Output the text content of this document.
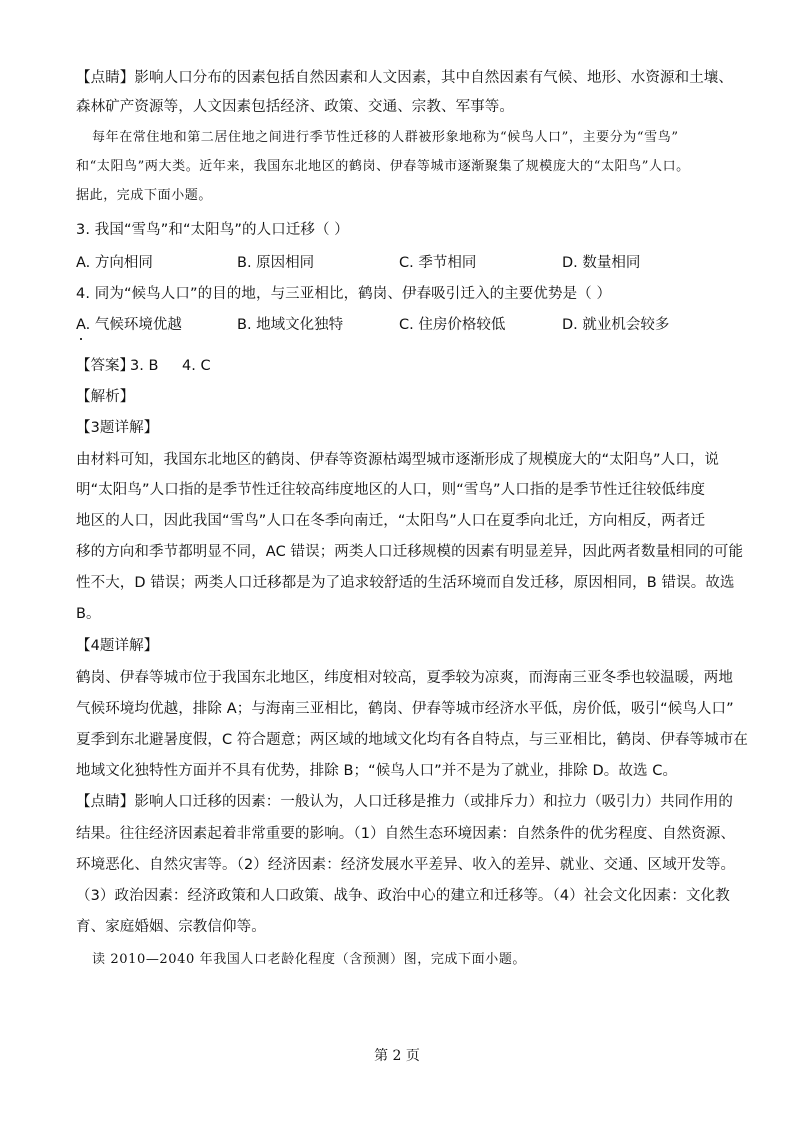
【点睛】影响人口分布的因素包括自然因素和人文因素，其中自然因素有气候、地形、水资源和土壤、
森林矿产资源等，人文因素包括经济、政策、交通、宗教、军事等。
每年在常住地和第二居住地之间进行季节性迁移的人群被形象地称为“候鸟人口”，主要分为“雪鸟”
和“太阳鸟”两大类。近年来，我国东北地区的鹤岗、伊春等城市逐渐聚集了规模庞大的“太阳鸟”人口。
据此，完成下面小题。
3. 我国“雪鸟”和“太阳鸟”的人口迁移（ ）
A. 方向相同	B. 原因相同	C. 季节相同	D. 数量相同
4. 同为“候鸟人口”的目的地，与三亚相比，鹤岗、伊春吸引迁入的主要优势是（ ）
A. 气候环境优越	B. 地域文化独特	C. 住房价格较低	D. 就业机会较多
【答案】
3. B 4. C
【解析】
【3题详解】
由材料可知，我国东北地区的鹤岗、伊春等资源枯竭型城市逐渐形成了规模庞大的“太阳鸟”人口，说
明“太阳鸟”人口指的是季节性迁往较高纬度地区的人口，则“雪鸟”人口指的是季节性迁往较低纬度
地区的人口，因此我国“雪鸟”人口在冬季向南迁，“太阳鸟”人口在夏季向北迁，方向相反，两者迁
移的方向和季节都明显不同，AC 错误；两类人口迁移规模的因素有明显差异，因此两者数量相同的可能
性不大，D 错误；两类人口迁移都是为了追求较舒适的生活环境而自发迁移，原因相同，B 错误。故选
B。
【4题详解】
鹤岗、伊春等城市位于我国东北地区，纬度相对较高，夏季较为凉爽，而海南三亚冬季也较温暖，两地
气候环境均优越，排除 A；与海南三亚相比，鹤岗、伊春等城市经济水平低，房价低，吸引“候鸟人口”
夏季到东北避暑度假，C 符合题意；两区域的地域文化均有各自特点，与三亚相比，鹤岗、伊春等城市在
地域文化独特性方面并不具有优势，排除 B；“候鸟人口”并不是为了就业，排除 D。故选 C。
【点睛】影响人口迁移的因素：一般认为，人口迁移是推力（或排斥力）和拉力（吸引力）共同作用的
结果。往往经济因素起着非常重要的影响。（1）自然生态环境因素：自然条件的优劣程度、自然资源、
环境恶化、自然灾害等。（2）经济因素：经济发展水平差异、收入的差异、就业、交通、区域开发等。
（3）政治因素：经济政策和人口政策、战争、政治中心的建立和迁移等。（4）社会文化因素：文化教
育、家庭婚姻、宗教信仰等。
读 2010—2040 年我国人口老龄化程度（含预测）图，完成下面小题。
第 2 页
